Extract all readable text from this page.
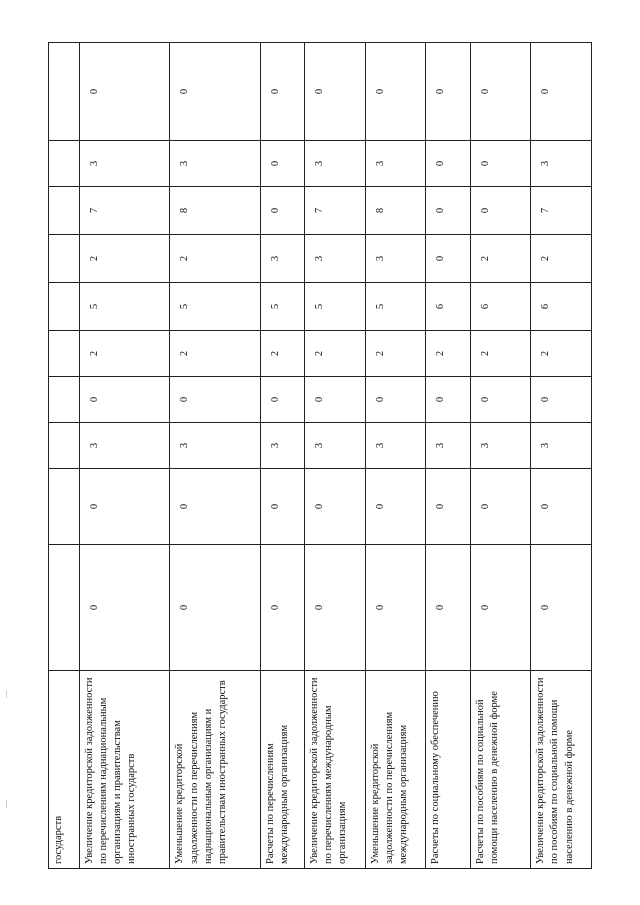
государств										
Увеличение кредиторской задолженности по перечислениям наднациональным организациям и правительствам иностранных государств	0	0	3	0	2	5	2	7	3	0
Уменьшение кредиторской задолженности по перечислениям наднациональным организациям и правительствам иностранных государств	0	0	3	0	2	5	2	8	3	0
Расчеты по перечислениям международным организациям	0	0	3	0	2	5	3	0	0	0
Увеличение кредиторской задолженности по перечислениям международным организациям	0	0	3	0	2	5	3	7	3	0
Уменьшение кредиторской задолженности по перечислениям международным организациям	0	0	3	0	2	5	3	8	3	0
Расчеты по социальному обеспечению	0	0	3	0	2	6	0	0	0	0
Расчеты по пособиям по социальной помощи населению в денежной форме	0	0	3	0	2	6	2	0	0	0
Увеличение кредиторской задолженности по пособиям по социальной помощи населению в денежной форме	0	0	3	0	2	6	2	7	3	0
